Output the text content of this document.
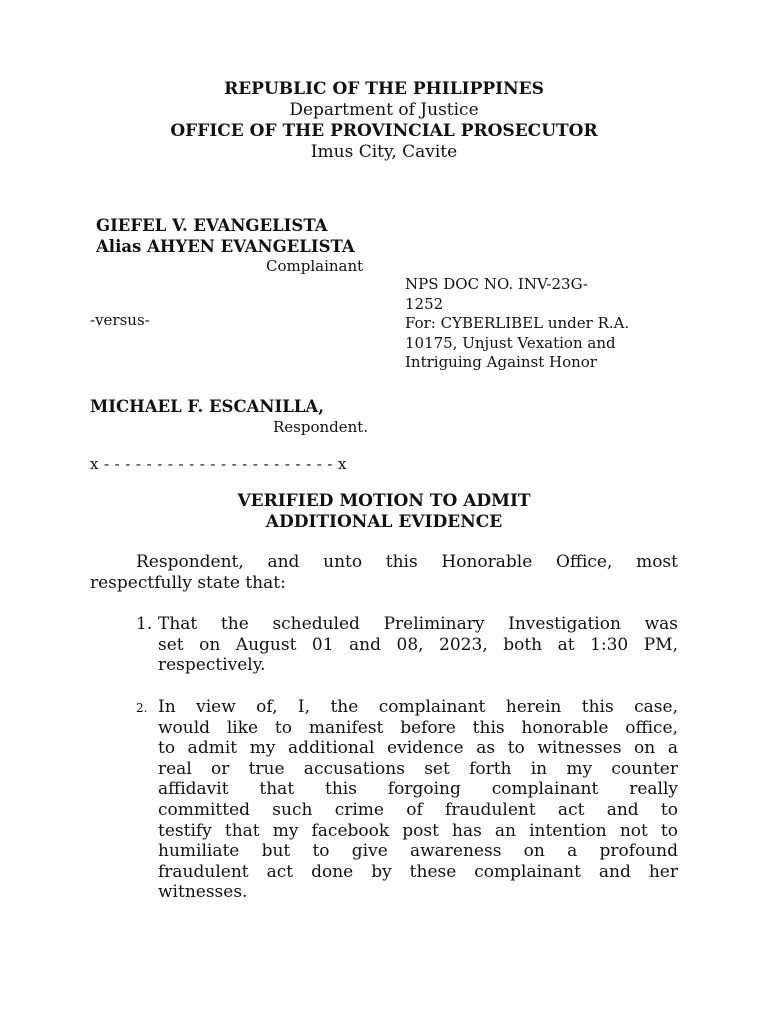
REPUBLIC OF THE PHILIPPINES
Department of Justice
OFFICE OF THE PROVINCIAL PROSECUTOR
Imus City, Cavite
GIEFEL V. EVANGELISTA
Alias AHYEN EVANGELISTA
Complainant
-versus-
NPS DOC NO. INV-23G-
1252
For: CYBERLIBEL under R.A.
10175, Unjust Vexation and
Intriguing Against Honor
MICHAEL F. ESCANILLA,
Respondent.
x - - - - - - - - - - - - - - - - - - - - - - x
VERIFIED MOTION TO ADMIT
ADDITIONAL EVIDENCE
Respondent, and unto this Honorable Office, most
respectfully state that:
1. That the scheduled Preliminary Investigation was
set on August 01 and 08, 2023, both at 1:30 PM,
respectively.
2. In view of, I, the complainant herein this case,
would like to manifest before this honorable office,
to admit my additional evidence as to witnesses on a
real or true accusations set forth in my counter
affidavit that this forgoing complainant really
committed such crime of fraudulent act and to
testify that my facebook post has an intention not to
humiliate but to give awareness on a profound
fraudulent act done by these complainant and her
witnesses.
